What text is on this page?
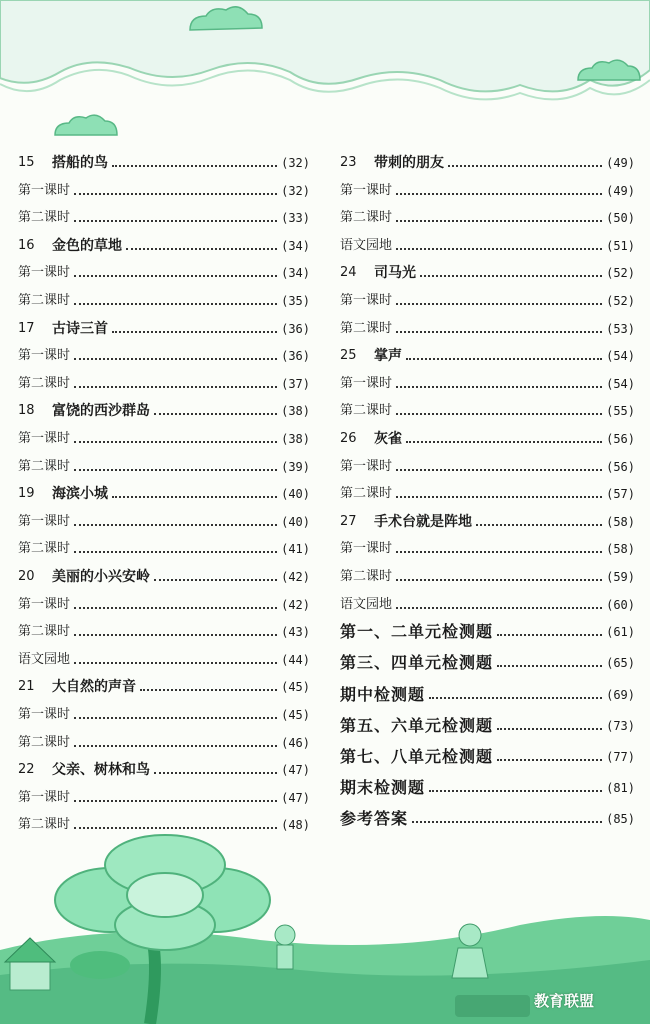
15	搭船的鸟	(32)
第一课时	(32)
第二课时	(33)
16	金色的草地	(34)
第一课时	(34)
第二课时	(35)
17	古诗三首	(36)
第一课时	(36)
第二课时	(37)
18	富饶的西沙群岛	(38)
第一课时	(38)
第二课时	(39)
19	海滨小城	(40)
第一课时	(40)
第二课时	(41)
20	美丽的小兴安岭	(42)
第一课时	(42)
第二课时	(43)
语文园地	(44)
21	大自然的声音	(45)
第一课时	(45)
第二课时	(46)
22	父亲、树林和鸟	(47)
第一课时	(47)
第二课时	(48)
23	带刺的朋友	(49)
第一课时	(49)
第二课时	(50)
语文园地	(51)
24	司马光	(52)
第一课时	(52)
第二课时	(53)
25	掌声	(54)
第一课时	(54)
第二课时	(55)
26	灰雀	(56)
第一课时	(56)
第二课时	(57)
27	手术台就是阵地	(58)
第一课时	(58)
第二课时	(59)
语文园地	(60)
第一、二单元检测题	(61)
第三、四单元检测题	(65)
期中检测题	(69)
第五、六单元检测题	(73)
第七、八单元检测题	(77)
期末检测题	(81)
参考答案	(85)
教育联盟
